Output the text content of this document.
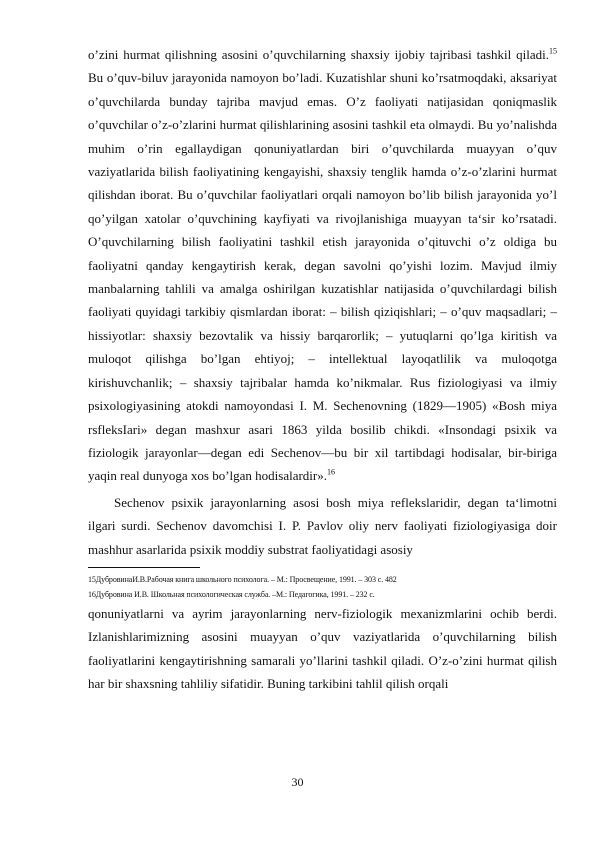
o’zini hurmat qilishning asosini o’quvchilarning shaxsiy ijobiy tajribasi tashkil qiladi.$^{15}$ Bu o’quv-biluv jarayonida namoyon bo’ladi. Kuzatishlar shuni ko’rsatmoqdaki, aksariyat o’quvchilarda bunday tajriba mavjud emas. O’z faoliyati natijasidan qoniqmaslik o’quvchilar o’z-o’zlarini hurmat qilishlarining asosini tashkil eta olmaydi. Bu yo’nalishda muhim o’rin egallaydigan qonuniyatlardan biri o’quvchilarda muayyan o’quv vaziyatlarida bilish faoliyatining kengayishi, shaxsiy tenglik hamda o’z-o’zlarini hurmat qilishdan iborat. Bu o’quvchilar faoliyatlari orqali namoyon bo’lib bilish jarayonida yo’l qo’yilgan xatolar o’quvchining kayfiyati va rivojlanishiga muayyan ta‘sir ko’rsatadi. O’quvchilarning bilish faoliyatini tashkil etish jarayonida o’qituvchi o’z oldiga bu faoliyatni qanday kengaytirish kerak, degan savolni qo’yishi lozim. Mavjud ilmiy manbalarning tahlili va amalga oshirilgan kuzatishlar natijasida o’quvchilardagi bilish faoliyati quyidagi tarkibiy qismlardan iborat: – bilish qiziqishlari; – o’quv maqsadlari; – hissiyotlar: shaxsiy bezovtalik va hissiy barqarorlik; – yutuqlarni qo’lga kiritish va muloqot qilishga bo’lgan ehtiyoj; – intellektual layoqatlilik va muloqotga kirishuvchanlik; – shaxsiy tajribalar hamda ko’nikmalar. Rus fiziologiyasi va ilmiy psixologiyasining atokdi namoyondasi I. M. Sechenovning (1829—1905) «Bosh miya rsfleksIari» degan mashxur asari 1863 yilda bosilib chikdi. «Insondagi psixik va fiziologik jarayonlar—degan edi Sechenov—bu bir xil tartibdagi hodisalar, bir-biriga yaqin real dunyoga xos bo’lgan hodisalardir».$^{16}$

Sechenov psixik jarayonlarning asosi bosh miya reflekslaridir, degan ta‘limotni ilgari surdi. Sechenov davomchisi I. P. Pavlov oliy nerv faoliyati fiziologiyasiga doir mashhur asarlarida psixik moddiy substrat faoliyatidagi asosiy

15ДубровинаИ.В.Рабочая книга школьного психолога. – М.: Просвещение, 1991. – 303 с. 482

16Дубровина И.В. Школьная психологическая служба. –М.: Педагогика, 1991. – 232 с.

qonuniyatlarni va ayrim jarayonlarning nerv-fiziologik mexanizmlarini ochib berdi. Izlanishlarimizning asosini muayyan o’quv vaziyatlarida o’quvchilarning bilish faoliyatlarini kengaytirishning samarali yo’llarini tashkil qiladi. O’z-o’zini hurmat qilish har bir shaxsning tahliliy sifatidir. Buning tarkibini tahlil qilish orqali

30
